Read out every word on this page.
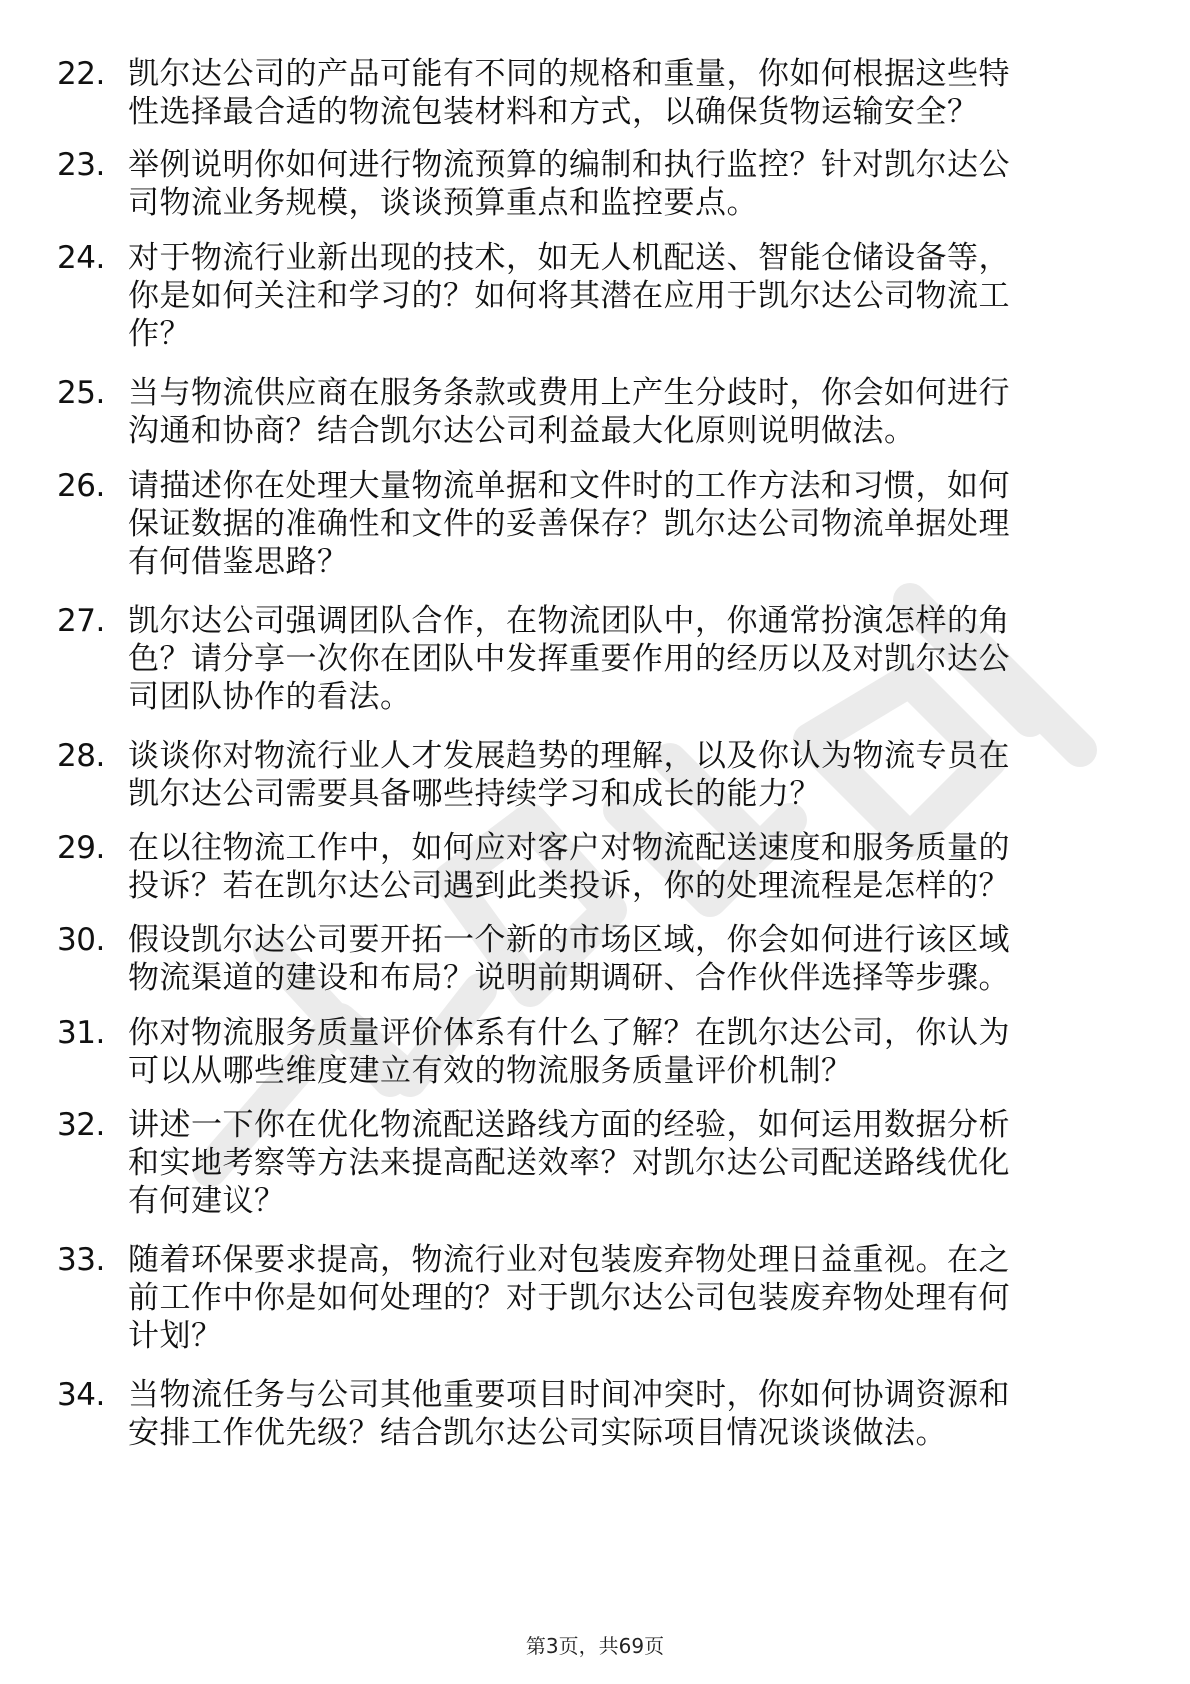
22. 凯尔达公司的产品可能有不同的规格和重量，你如何根据这些特
性选择最合适的物流包装材料和方式，以确保货物运输安全？
23. 举例说明你如何进行物流预算的编制和执行监控？针对凯尔达公
司物流业务规模，谈谈预算重点和监控要点。
24. 对于物流行业新出现的技术，如无人机配送、智能仓储设备等，
你是如何关注和学习的？如何将其潜在应用于凯尔达公司物流工
作？
25. 当与物流供应商在服务条款或费用上产生分歧时，你会如何进行
沟通和协商？结合凯尔达公司利益最大化原则说明做法。
26. 请描述你在处理大量物流单据和文件时的工作方法和习惯，如何
保证数据的准确性和文件的妥善保存？凯尔达公司物流单据处理
有何借鉴思路？
27. 凯尔达公司强调团队合作，在物流团队中，你通常扮演怎样的角
色？请分享一次你在团队中发挥重要作用的经历以及对凯尔达公
司团队协作的看法。
28. 谈谈你对物流行业人才发展趋势的理解，以及你认为物流专员在
凯尔达公司需要具备哪些持续学习和成长的能力？
29. 在以往物流工作中，如何应对客户对物流配送速度和服务质量的
投诉？若在凯尔达公司遇到此类投诉，你的处理流程是怎样的？
30. 假设凯尔达公司要开拓一个新的市场区域，你会如何进行该区域
物流渠道的建设和布局？说明前期调研、合作伙伴选择等步骤。
31. 你对物流服务质量评价体系有什么了解？在凯尔达公司，你认为
可以从哪些维度建立有效的物流服务质量评价机制？
32. 讲述一下你在优化物流配送路线方面的经验，如何运用数据分析
和实地考察等方法来提高配送效率？对凯尔达公司配送路线优化
有何建议？
33. 随着环保要求提高，物流行业对包装废弃物处理日益重视。在之
前工作中你是如何处理的？对于凯尔达公司包装废弃物处理有何
计划？
34. 当物流任务与公司其他重要项目时间冲突时，你如何协调资源和
安排工作优先级？结合凯尔达公司实际项目情况谈谈做法。
第3页，共69页
